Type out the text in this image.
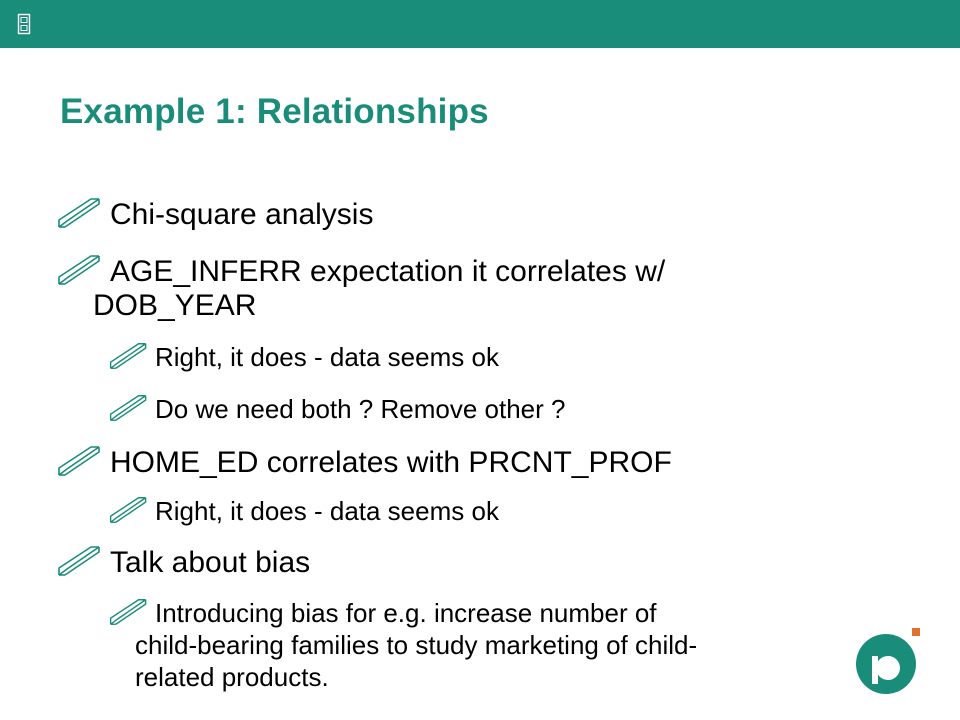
Example 1: Relationships

Chi-square analysis

AGE_INFERR expectation it correlates w/

DOB_YEAR

Right, it does - data seems ok

Do we need both ? Remove other ?

HOME_ED correlates with PRCNT_PROF

Right, it does - data seems ok

Talk about bias

Introducing bias for e.g. increase number of

child-bearing families to study marketing of child-

related products.
